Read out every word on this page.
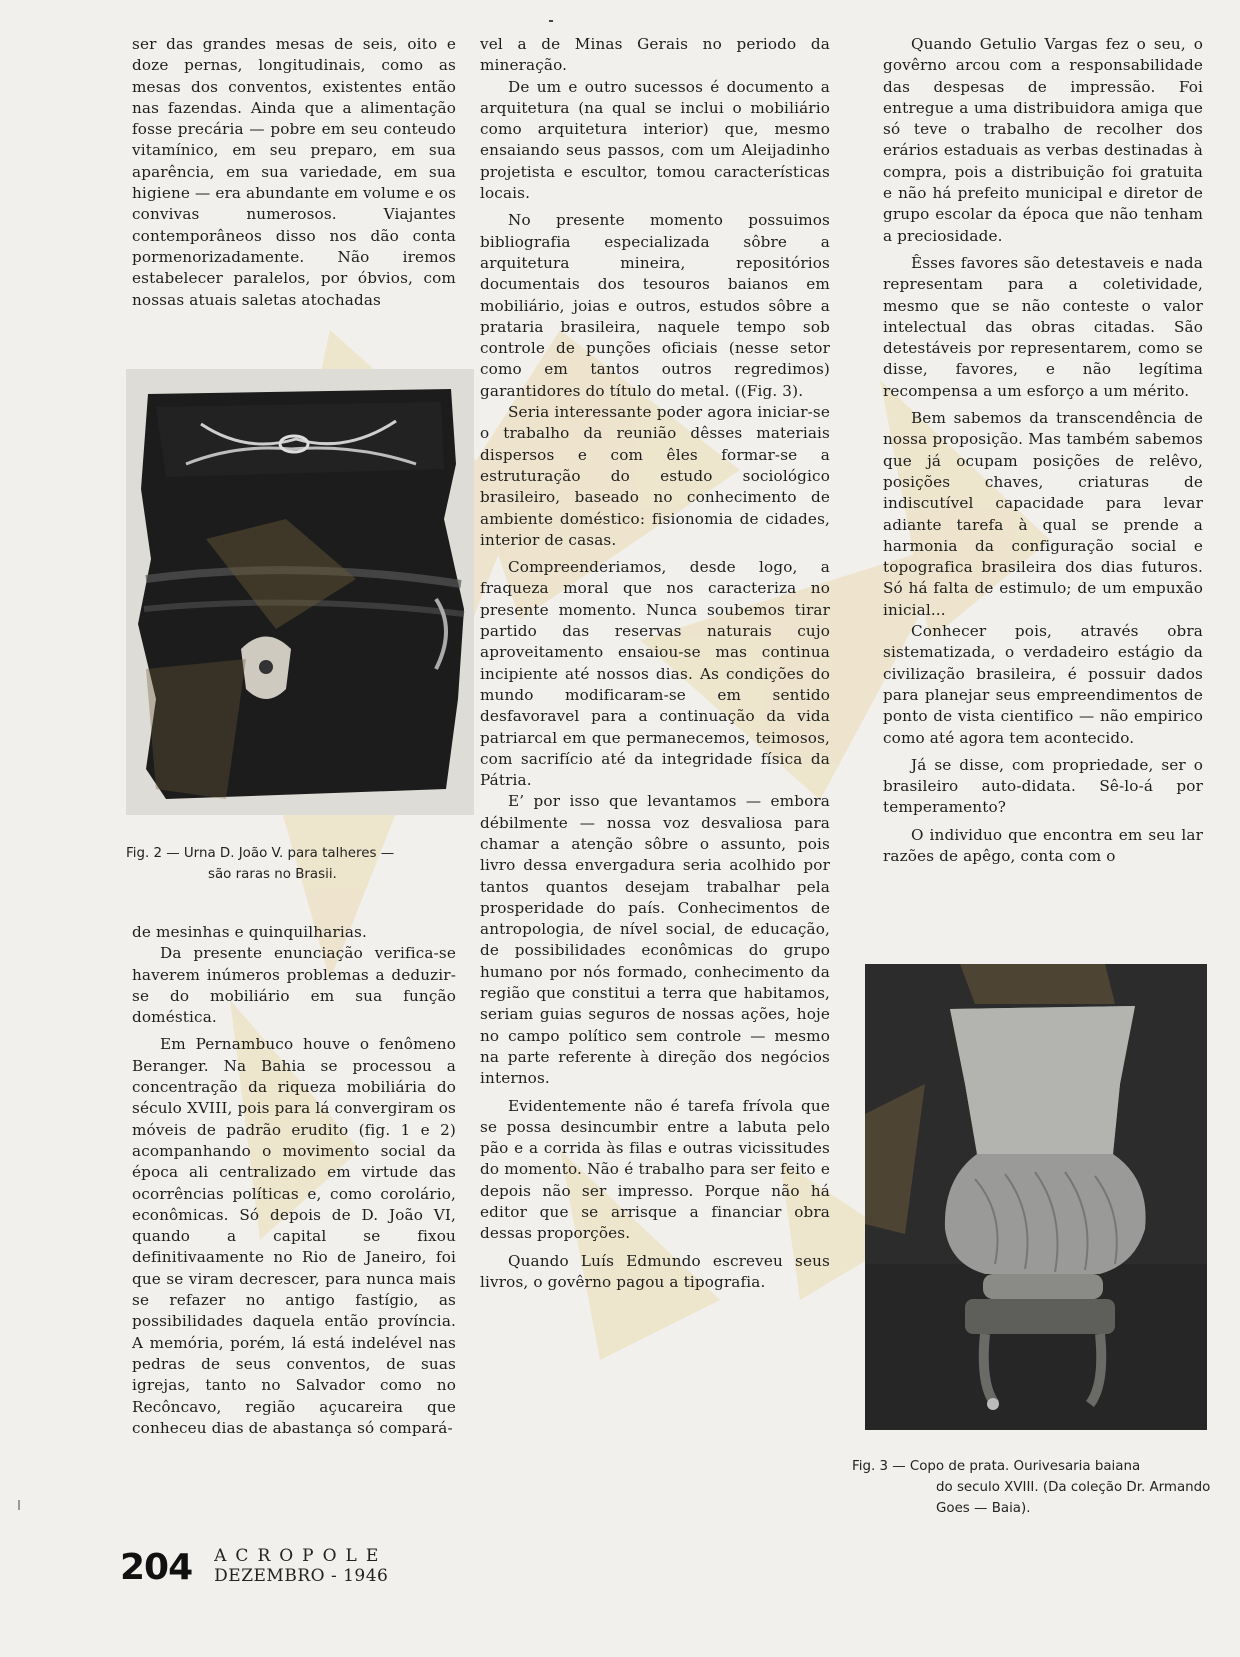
ser das grandes mesas de seis, oito e doze pernas, longitudinais, como as mesas dos conventos, existentes então nas fazendas. Ainda que a alimentação fosse precária — pobre em seu conteudo vitamínico, em seu preparo, em sua aparência, em sua variedade, em sua higiene — era abundante em volume e os convivas numerosos. Viajantes contemporâneos disso nos dão conta pormenorizadamente. Não iremos estabelecer paralelos, por óbvios, com nossas atuais saletas atochadas

Fig. 2 — Urna D. João V. para talheres —
são raras no Brasii.

de mesinhas e quinquilharias.

Da presente enunciação verifica-se haverem inúmeros problemas a deduzir-se do mobiliário em sua função doméstica.

Em Pernambuco houve o fenômeno Beranger. Na Bahia se processou a concentração da riqueza mobiliária do século XVIII, pois para lá convergiram os móveis de padrão erudito (fig. 1 e 2) acompanhando o movimento social da época ali centralizado em virtude das ocorrências políticas e, como corolário, econômicas. Só depois de D. João VI, quando a capital se fixou definitivaamente no Rio de Janeiro, foi que se viram decrescer, para nunca mais se refazer no antigo fastígio, as possibilidades daquela então província. A memória, porém, lá está indelével nas pedras de seus conventos, de suas igrejas, tanto no Salvador como no Recôncavo, região açucareira que conheceu dias de abastança só compará-

vel a de Minas Gerais no periodo da mineração.

De um e outro sucessos é documento a arquitetura (na qual se inclui o mobiliário como arquitetura interior) que, mesmo ensaiando seus passos, com um Aleijadinho projetista e escultor, tomou características locais.

No presente momento possuimos bibliografia especializada sôbre a arquitetura mineira, repositórios documentais dos tesouros baianos em mobiliário, joias e outros, estudos sôbre a prataria brasileira, naquele tempo sob controle de punções oficiais (nesse setor como em tantos outros regredimos) garantidores do título do metal. ((Fig. 3).

Seria interessante poder agora iniciar-se o trabalho da reunião dêsses materiais dispersos e com êles formar-se a estruturação do estudo sociológico brasileiro, baseado no conhecimento de ambiente doméstico: fisionomia de cidades, interior de casas.

Compreenderiamos, desde logo, a fraqueza moral que nos caracteriza no presente momento. Nunca soubemos tirar partido das reservas naturais cujo aproveitamento ensaiou-se mas continua incipiente até nossos dias. As condições do mundo modificaram-se em sentido desfavoravel para a continuação da vida patriarcal em que permanecemos, teimosos, com sacrifício até da integridade física da Pátria.

E’ por isso que levantamos — embora débilmente — nossa voz desvaliosa para chamar a atenção sôbre o assunto, pois livro dessa envergadura seria acolhido por tantos quantos desejam trabalhar pela prosperidade do país. Conhecimentos de antropologia, de nível social, de educação, de possibilidades econômicas do grupo humano por nós formado, conhecimento da região que constitui a terra que habitamos, seriam guias seguros de nossas ações, hoje no campo político sem controle — mesmo na parte referente à direção dos negócios internos.

Evidentemente não é tarefa frívola que se possa desincumbir entre a labuta pelo pão e a corrida às filas e outras vicissitudes do momento. Não é trabalho para ser feito e depois não ser impresso. Porque não há editor que se arrisque a financiar obra dessas proporções.

Quando Luís Edmundo escreveu seus livros, o govêrno pagou a tipografia.

Quando Getulio Vargas fez o seu, o govêrno arcou com a responsabilidade das despesas de impressão. Foi entregue a uma distribuidora amiga que só teve o trabalho de recolher dos erários estaduais as verbas destinadas à compra, pois a distribuição foi gratuita e não há prefeito municipal e diretor de grupo escolar da época que não tenham a preciosidade.

Êsses favores são detestaveis e nada representam para a coletividade, mesmo que se não conteste o valor intelectual das obras citadas. São detestáveis por representarem, como se disse, favores, e não legítima recompensa a um esforço a um mérito.

Bem sabemos da transcendência de nossa proposição. Mas também sabemos que já ocupam posições de relêvo, posições chaves, criaturas de indiscutível capacidade para levar adiante tarefa à qual se prende a harmonia da configuração social e topografica brasileira dos dias futuros. Só há falta de estimulo; de um empuxão inicial...

Conhecer pois, através obra sistematizada, o verdadeiro estágio da civilização brasileira, é possuir dados para planejar seus empreendimentos de ponto de vista cientifico — não empirico como até agora tem acontecido.

Já se disse, com propriedade, ser o brasileiro auto-didata. Sê-lo-á por temperamento?

O individuo que encontra em seu lar razões de apêgo, conta com o

Fig. 3 — Copo de prata. Ourivesaria baiana
do seculo XVIII. (Da coleção Dr. Armando Goes — Baia).
204 ACROPOLE
DEZEMBRO - 1946
